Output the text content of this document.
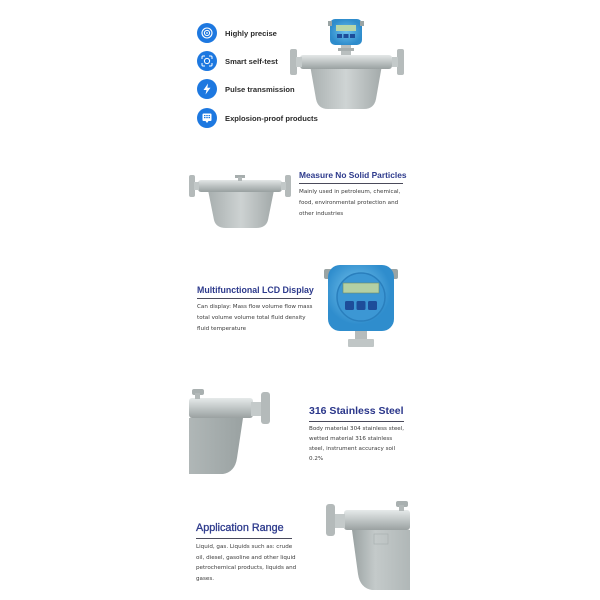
Highly precise
Smart self-test
Pulse transmission
Explosion-proof products
Measure No Solid Particles
Mainly used in petroleum, chemical, food, environmental protection and other industries
Multifunctional LCD Display
Can display: Mass flow volume flow mass total volume volume total fluid density fluid temperature
316 Stainless Steel
Body material 304 stainless steel, wetted material 316 stainless steel, instrument accuracy soil 0.2%
Application Range
Liquid, gas. Liquids such as: crude oil, diesel, gasoline and other liquid petrochemical products, liquids and gases.
